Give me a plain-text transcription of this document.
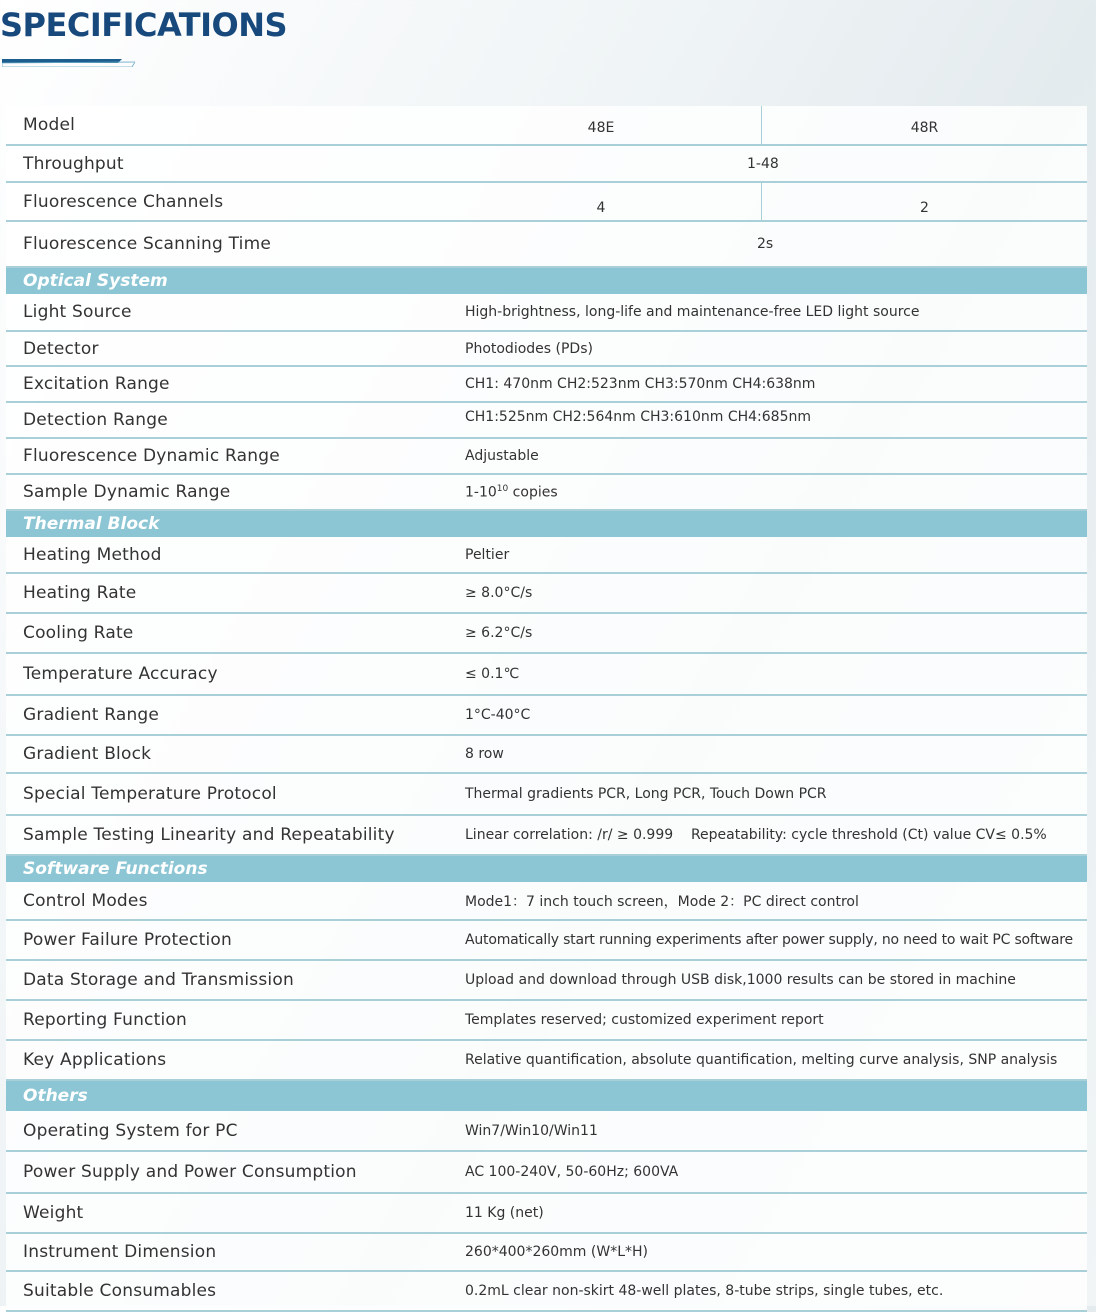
SPECIFICATIONS
Model	48E 48R

Throughput	1-48
Fluorescence Channels	4 2

Fluorescence Scanning Time	2s
Optical System	
Light Source	High-brightness, long-life and maintenance-free LED light source
Detector	Photodiodes (PDs)
Excitation Range	CH1: 470nm CH2:523nm CH3:570nm CH4:638nm
Detection Range	CH1:525nm CH2:564nm CH3:610nm CH4:685nm
Fluorescence Dynamic Range	Adjustable
Sample Dynamic Range	$1-10^{10}$ copies
Thermal Block	
Heating Method	Peltier
Heating Rate	≥ 8.0°C/s
Cooling Rate	≥ 6.2°C/s
Temperature Accuracy	≤ 0.1℃
Gradient Range	1°C-40°C
Gradient Block	8 row
Special Temperature Protocol	Thermal gradients PCR, Long PCR, Touch Down PCR
Sample Testing Linearity and Repeatability	Linear correlation: /r/ ≥ 0.999    Repeatability: cycle threshold (Ct) value CV≤ 0.5%
Software Functions	
Control Modes	Mode1：7 inch touch screen，Mode 2：PC direct control
Power Failure Protection	Automatically start running experiments after power supply, no need to wait PC software
Data Storage and Transmission	Upload and download through USB disk,1000 results can be stored in machine
Reporting Function	Templates reserved; customized experiment report
Key Applications	Relative quantification, absolute quantification, melting curve analysis, SNP analysis
Others	
Operating System for PC	Win7/Win10/Win11
Power Supply and Power Consumption	AC 100-240V, 50-60Hz; 600VA
Weight	11 Kg (net)
Instrument Dimension	260*400*260mm (W*L*H)
Suitable Consumables	0.2mL clear non-skirt 48-well plates, 8-tube strips, single tubes, etc.
